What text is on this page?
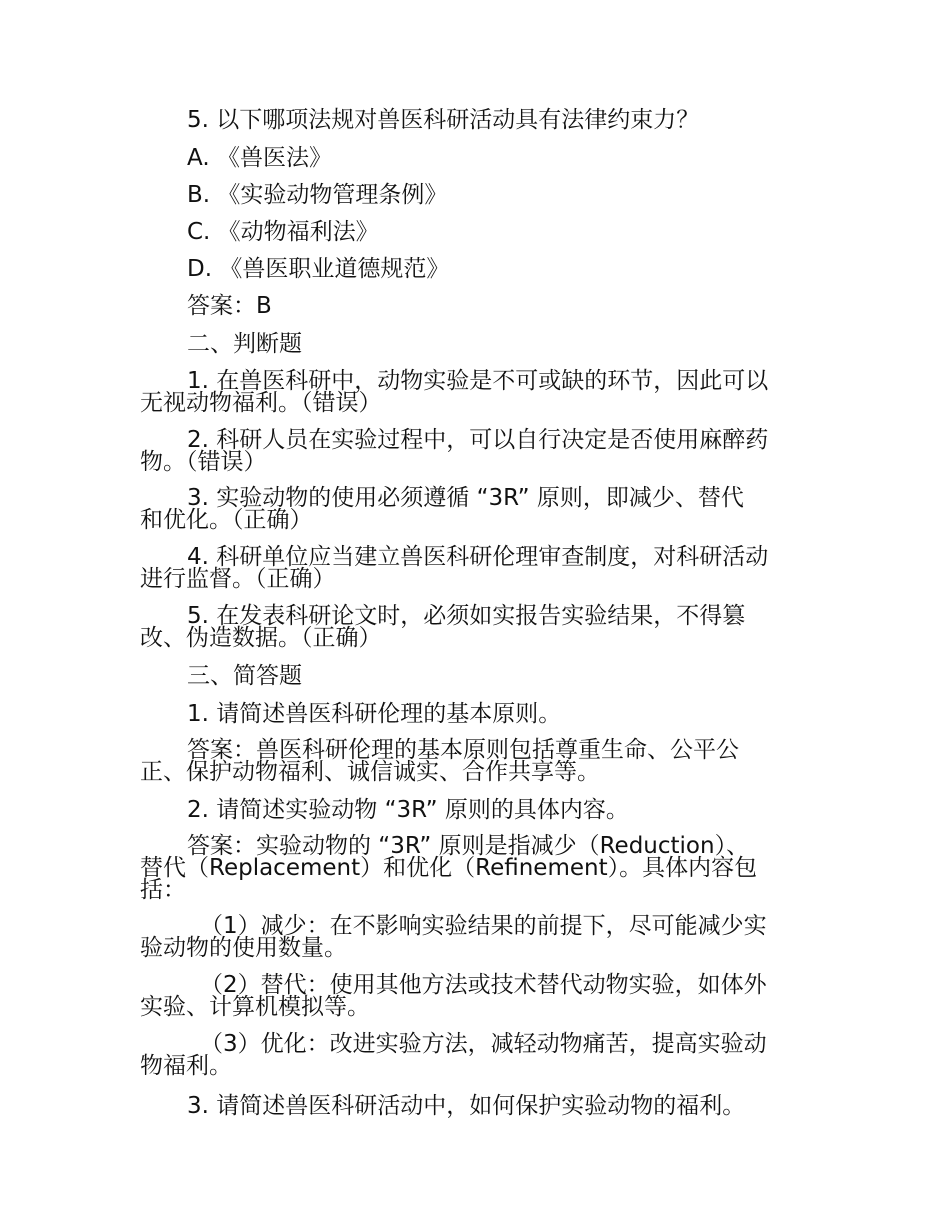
5. 以下哪项法规对兽医科研活动具有法律约束力？

A. 《兽医法》

B. 《实验动物管理条例》

C. 《动物福利法》

D. 《兽医职业道德规范》

答案：B

二、判断题

1. 在兽医科研中，动物实验是不可或缺的环节，因此可以
无视动物福利。（错误）
2. 科研人员在实验过程中，可以自行决定是否使用麻醉药
物。（错误）
3. 实验动物的使用必须遵循 “3R” 原则，即减少、替代
和优化。（正确）
4. 科研单位应当建立兽医科研伦理审查制度，对科研活动
进行监督。（正确）
5. 在发表科研论文时，必须如实报告实验结果，不得篡
改、伪造数据。（正确）

三、简答题

1. 请简述兽医科研伦理的基本原则。

答案：兽医科研伦理的基本原则包括尊重生命、公平公
正、保护动物福利、诚信诚实、合作共享等。

2. 请简述实验动物 “3R” 原则的具体内容。

答案：实验动物的 “3R” 原则是指减少（Reduction）、
替代（Replacement）和优化（Refinement）。具体内容包
括：
（1）减少：在不影响实验结果的前提下，尽可能减少实
验动物的使用数量。
（2）替代：使用其他方法或技术替代动物实验，如体外
实验、计算机模拟等。
（3）优化：改进实验方法，减轻动物痛苦，提高实验动
物福利。

3. 请简述兽医科研活动中，如何保护实验动物的福利。
